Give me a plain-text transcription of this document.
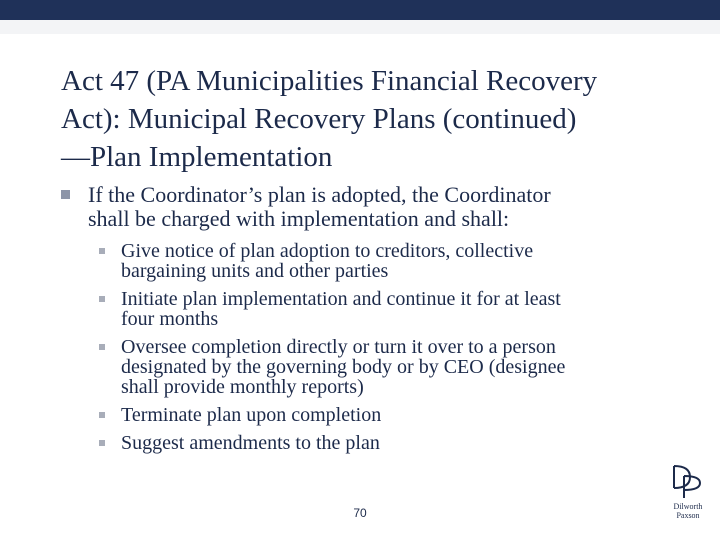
Act 47 (PA Municipalities Financial Recovery
Act): Municipal Recovery Plans (continued)
—Plan Implementation
If the Coordinator’s plan is adopted, the Coordinator
shall be charged with implementation and shall:
Give notice of plan adoption to creditors, collective
bargaining units and other parties
Initiate plan implementation and continue it for at least
four months
Oversee completion directly or turn it over to a person
designated by the governing body or by CEO (designee
shall provide monthly reports)
Terminate plan upon completion
Suggest amendments to the plan
70	Dilworth
Paxson
